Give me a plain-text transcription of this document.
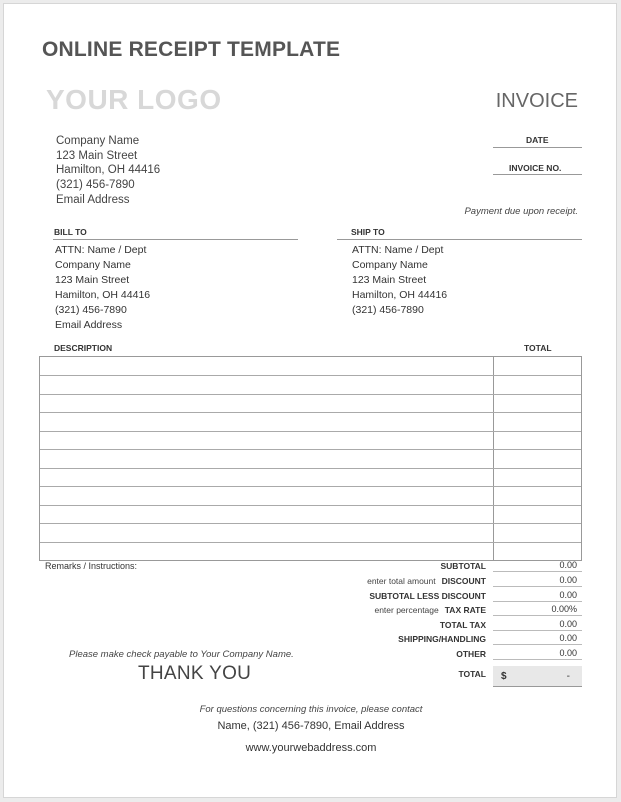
ONLINE RECEIPT TEMPLATE
YOUR LOGO	INVOICE
Company Name
123 Main Street
Hamilton, OH 44416
(321) 456-7890
Email Address
DATE
INVOICE NO.
Payment due upon receipt.
BILL TO
ATTN: Name / Dept
Company Name
123 Main Street
Hamilton, OH 44416
(321) 456-7890
Email Address
SHIP TO
ATTN: Name / Dept
Company Name
123 Main Street
Hamilton, OH 44416
(321) 456-7890
DESCRIPTION	TOTAL
Remarks / Instructions:	SUBTOTAL	0.00
enter total amount DISCOUNT	0.00
SUBTOTAL LESS DISCOUNT	0.00
enter percentage TAX RATE	0.00%
TOTAL TAX	0.00
SHIPPING/HANDLING	0.00
OTHER	0.00
TOTAL $	-
Please make check payable to Your Company Name.
THANK YOU
For questions concerning this invoice, please contact
Name, (321) 456-7890, Email Address
www.yourwebaddress.com
